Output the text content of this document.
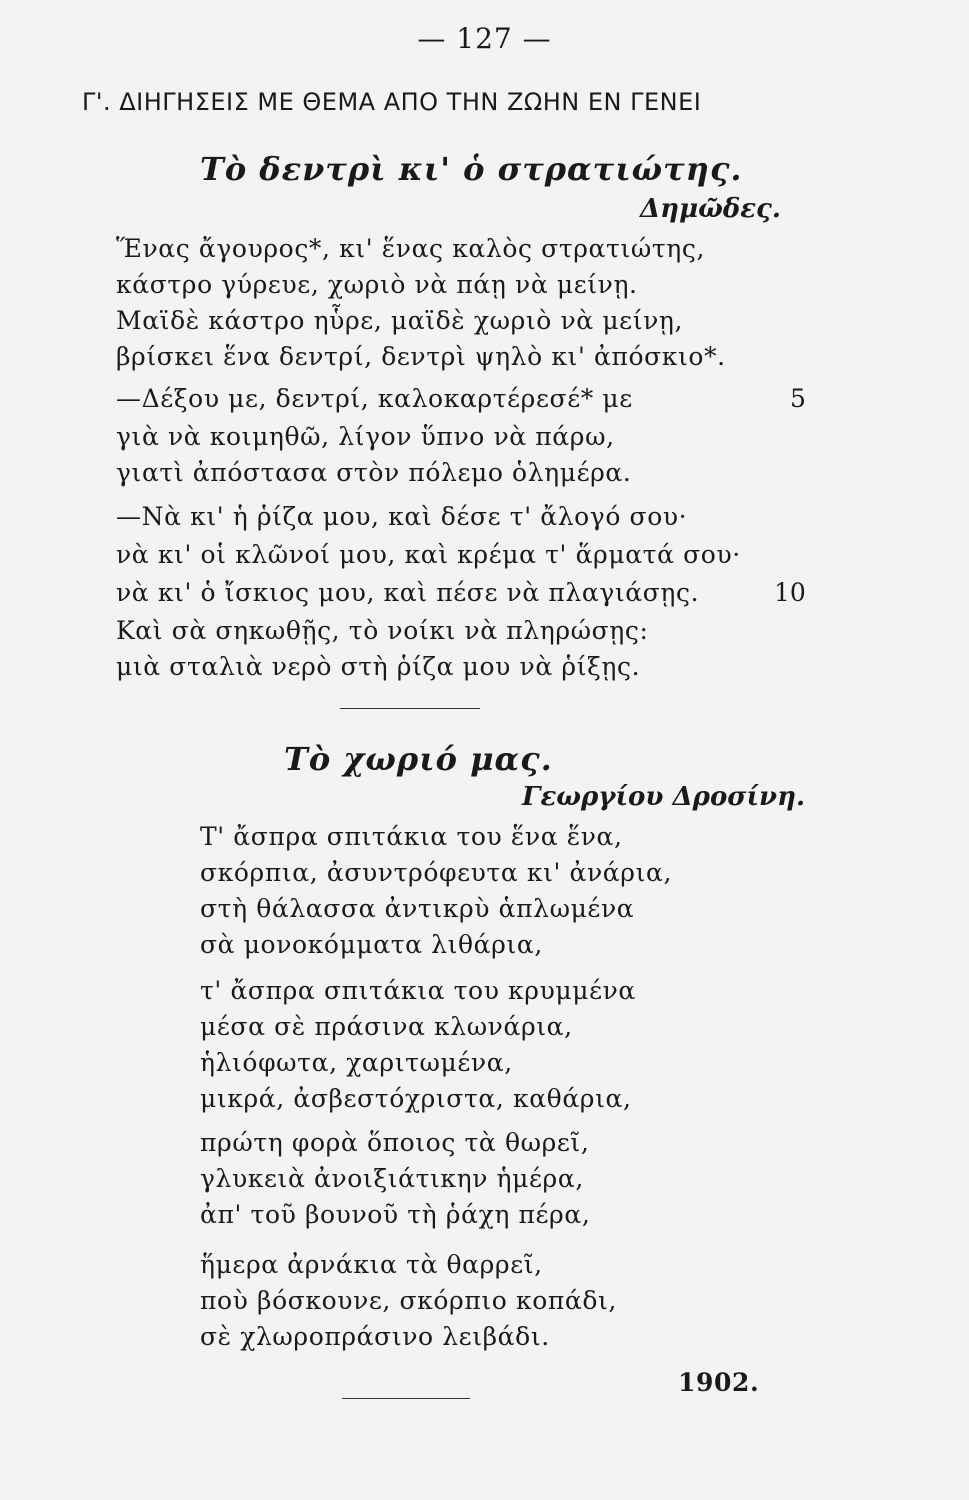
— 127 —
Γ'. ΔΙΗΓΗΣΕΙΣ ΜΕ ΘΕΜΑ ΑΠΟ ΤΗΝ ΖΩΗΝ ΕΝ ΓΕΝΕΙ
Τὸ δεντρὶ κι' ὁ στρατιώτης.
Δημῶδες.
Ἕνας ἄγουρος*, κι' ἕνας καλὸς στρατιώτης,
κάστρο γύρευε, χωριὸ νὰ πάῃ νὰ μείνῃ.
Μαϊδὲ κάστρο ηὗρε, μαϊδὲ χωριὸ νὰ μείνῃ,
βρίσκει ἕνα δεντρί, δεντρὶ ψηλὸ κι' ἀπόσκιο*.
—Δέξου με, δεντρί, καλοκαρτέρεσέ* με	5
γιὰ νὰ κοιμηθῶ, λίγον ὕπνο νὰ πάρω,
γιατὶ ἀπόστασα στὸν πόλεμο ὁλημέρα.
—Νὰ κι' ἡ ῥίζα μου, καὶ δέσε τ' ἄλογό σου·
νὰ κι' οἱ κλῶνοί μου, καὶ κρέμα τ' ἅρματά σου·
νὰ κι' ὁ ἴσκιος μου, καὶ πέσε νὰ πλαγιάσῃς.	10
Καὶ σὰ σηκωθῇς, τὸ νοίκι νὰ πληρώσῃς:
μιὰ σταλιὰ νερὸ στὴ ῥίζα μου νὰ ῥίξῃς.
Τὸ χωριό μας.
Γεωργίου Δροσίνη.
Τ' ἄσπρα σπιτάκια του ἕνα ἕνα,
σκόρπια, ἀσυντρόφευτα κι' ἀνάρια,
στὴ θάλασσα ἀντικρὺ ἁπλωμένα
σὰ μονοκόμματα λιθάρια,
τ' ἄσπρα σπιτάκια του κρυμμένα
μέσα σὲ πράσινα κλωνάρια,
ἡλιόφωτα, χαριτωμένα,
μικρά, ἀσβεστόχριστα, καθάρια,
πρώτη φορὰ ὅποιος τὰ θωρεῖ,
γλυκειὰ ἀνοιξιάτικην ἡμέρα,
ἀπ' τοῦ βουνοῦ τὴ ῥάχη πέρα,
ἥμερα ἀρνάκια τὰ θαρρεῖ,
ποὺ βόσκουνε, σκόρπιο κοπάδι,
σὲ χλωροπράσινο λειβάδι.
1902.
